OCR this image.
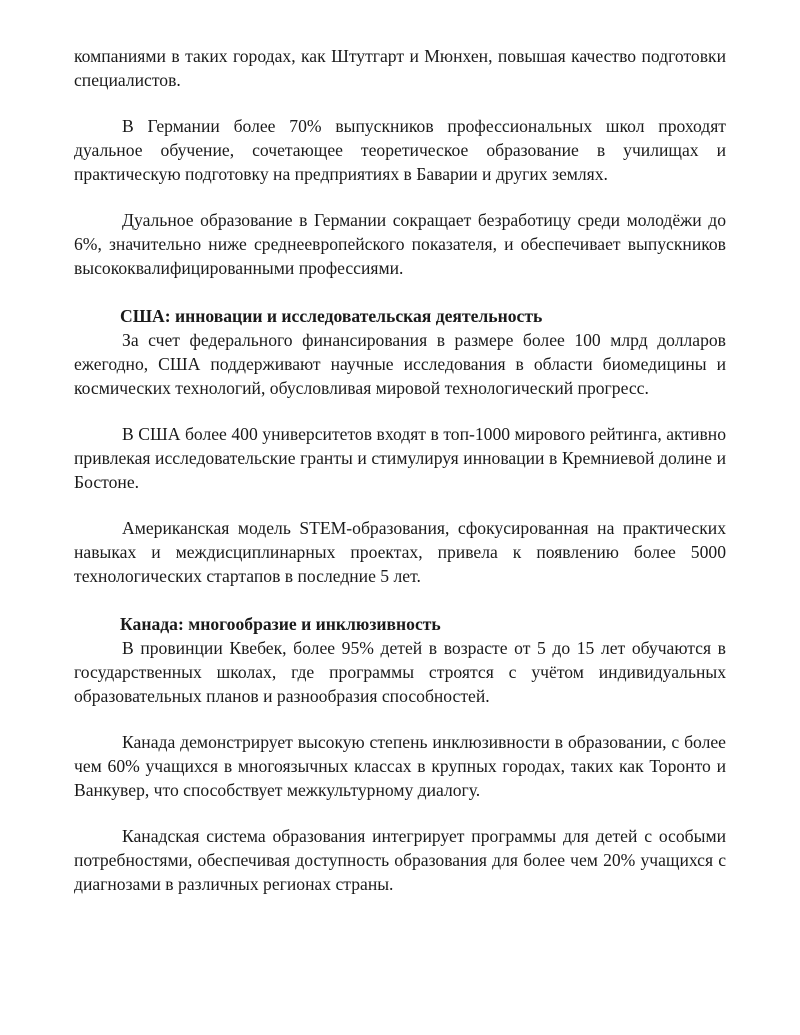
компаниями в таких городах, как Штутгарт и Мюнхен, повышая качество подготовки специалистов.

В Германии более 70% выпускников профессиональных школ проходят дуальное обучение, сочетающее теоретическое образование в училищах и практическую подготовку на предприятиях в Баварии и других землях.

Дуальное образование в Германии сокращает безработицу среди молодёжи до 6%, значительно ниже среднеевропейского показателя, и обеспечивает выпускников высококвалифицированными профессиями.

США: инновации и исследовательская деятельность

За счет федерального финансирования в размере более 100 млрд долларов ежегодно, США поддерживают научные исследования в области биомедицины и космических технологий, обусловливая мировой технологический прогресс.

В США более 400 университетов входят в топ-1000 мирового рейтинга, активно привлекая исследовательские гранты и стимулируя инновации в Кремниевой долине и Бостоне.

Американская модель STEM-образования, сфокусированная на практических навыках и междисциплинарных проектах, привела к появлению более 5000 технологических стартапов в последние 5 лет.

Канада: многообразие и инклюзивность

В провинции Квебек, более 95% детей в возрасте от 5 до 15 лет обучаются в государственных школах, где программы строятся с учётом индивидуальных образовательных планов и разнообразия способностей.

Канада демонстрирует высокую степень инклюзивности в образовании, с более чем 60% учащихся в многоязычных классах в крупных городах, таких как Торонто и Ванкувер, что способствует межкультурному диалогу.

Канадская система образования интегрирует программы для детей с особыми потребностями, обеспечивая доступность образования для более чем 20% учащихся с диагнозами в различных регионах страны.
